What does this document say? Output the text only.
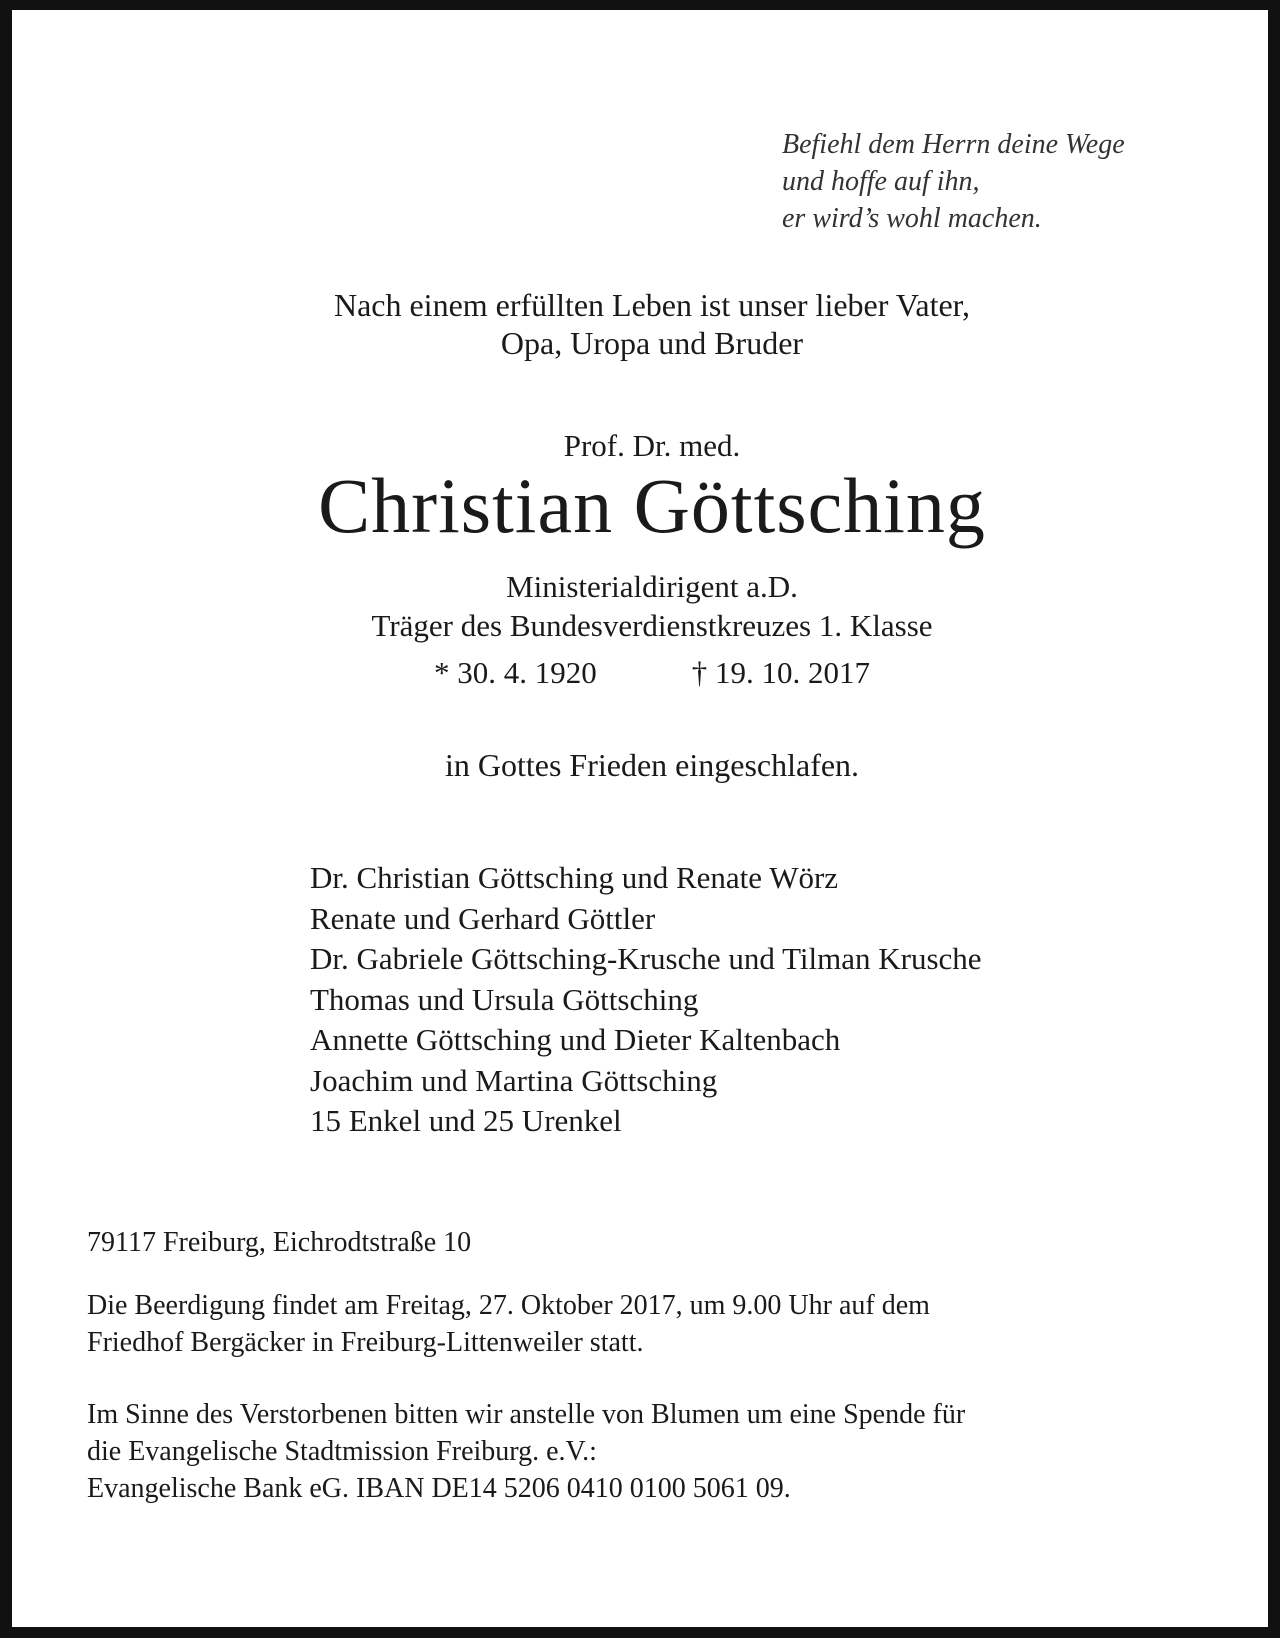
Befiehl dem Herrn deine Wege
und hoffe auf ihn,
er wird’s wohl machen.
Nach einem erfüllten Leben ist unser lieber Vater,
Opa, Uropa und Bruder
Prof. Dr. med.
Christian Göttsching
Ministerialdirigent a.D.
Träger des Bundesverdienstkreuzes 1. Klasse
* 30. 4. 1920	† 19. 10. 2017
in Gottes Frieden eingeschlafen.
Dr. Christian Göttsching und Renate Wörz
Renate und Gerhard Göttler
Dr. Gabriele Göttsching-Krusche und Tilman Krusche
Thomas und Ursula Göttsching
Annette Göttsching und Dieter Kaltenbach
Joachim und Martina Göttsching
15 Enkel und 25 Urenkel
79117 Freiburg, Eichrodtstraße 10
Die Beerdigung findet am Freitag, 27. Oktober 2017, um 9.00 Uhr auf dem
Friedhof Bergäcker in Freiburg-Littenweiler statt.
Im Sinne des Verstorbenen bitten wir anstelle von Blumen um eine Spende für
die Evangelische Stadtmission Freiburg. e.V.:
Evangelische Bank eG. IBAN DE14 5206 0410 0100 5061 09.
